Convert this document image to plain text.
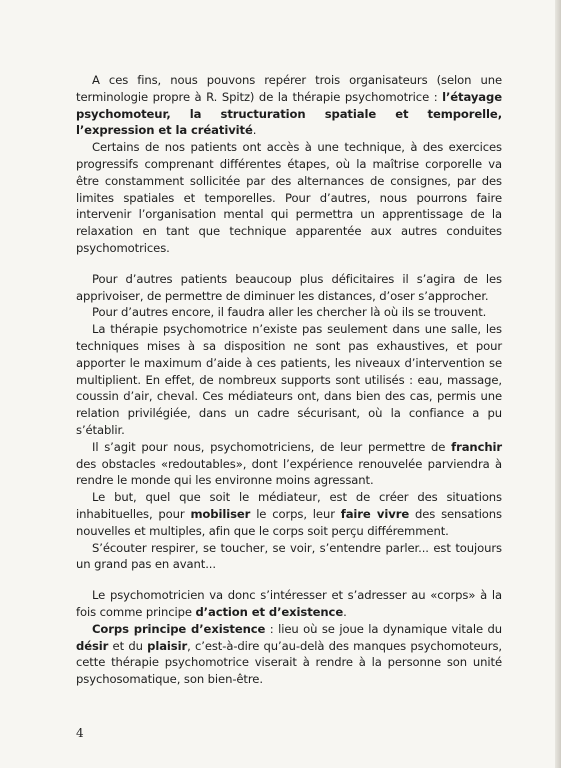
A ces fins, nous pouvons repérer trois organisateurs (selon une terminologie propre à R. Spitz) de la thérapie psychomotrice : l’étayage psychomoteur, la structuration spatiale et temporelle, l’expression et la créativité.

Certains de nos patients ont accès à une technique, à des exercices progressifs comprenant différentes étapes, où la maîtrise corporelle va être constamment sollicitée par des alternances de consignes, par des limites spatiales et temporelles. Pour d’autres, nous pourrons faire intervenir l’organisation mental qui permettra un apprentissage de la relaxation en tant que technique apparentée aux autres conduites psychomotrices.

Pour d’autres patients beaucoup plus déficitaires il s’agira de les apprivoiser, de permettre de diminuer les distances, d’oser s’approcher.

Pour d’autres encore, il faudra aller les chercher là où ils se trouvent.

La thérapie psychomotrice n’existe pas seulement dans une salle, les techniques mises à sa disposition ne sont pas exhaustives, et pour apporter le maximum d’aide à ces patients, les niveaux d’intervention se multiplient. En effet, de nombreux supports sont utilisés : eau, massage, coussin d’air, cheval. Ces médiateurs ont, dans bien des cas, permis une relation privilégiée, dans un cadre sécurisant, où la confiance a pu s’établir.

Il s’agit pour nous, psychomotriciens, de leur permettre de franchir des obstacles «redoutables», dont l’expérience renouvelée parviendra à rendre le monde qui les environne moins agressant.

Le but, quel que soit le médiateur, est de créer des situations inhabituelles, pour mobiliser le corps, leur faire vivre des sensations nouvelles et multiples, afin que le corps soit perçu différemment.

S’écouter respirer, se toucher, se voir, s’entendre parler... est toujours un grand pas en avant...

Le psychomotricien va donc s’intéresser et s’adresser au «corps» à la fois comme principe d’action et d’existence.

Corps principe d’existence : lieu où se joue la dynamique vitale du désir et du plaisir, c’est-à-dire qu’au-delà des manques psychomoteurs, cette thérapie psychomotrice viserait à rendre à la personne son unité psychosomatique, son bien-être.

4
